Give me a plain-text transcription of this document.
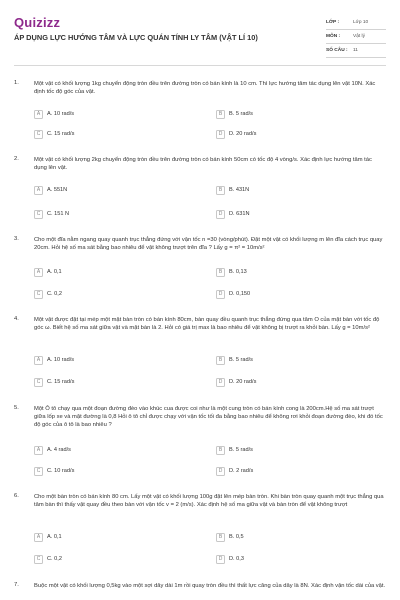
Quizizz
ÁP DỤNG LỰC HƯỚNG TÂM VÀ LỰC QUÁN TÍNH LY TÂM (VẬT LÍ 10)
LỚP :	Lớp 10
MÔN :	Vật lý
SỐ CÂU :	11
1.	Một vật có khối lượng 1kg chuyển động tròn đều trên đường tròn có bán kính là 10 cm. Thì lực hướng tâm tác dụng lên vật 10N. Xác định tốc độ góc của vật.
A	A. 10 rad/s	B	B. 5 rad/s
C	C. 15 rad/s	D	D. 20 rad/s
2.	Một vật có khối lượng 2kg chuyển động tròn đều trên đường tròn có bán kính 50cm có tốc độ 4 vòng/s. Xác định lực hướng tâm tác dụng lên vật.
A	A. 551N	B	B. 431N
C	C. 151 N	D	D. 631N
3.	Cho một đĩa nằm ngang quay quanh trục thẳng đứng với vận tốc n =30 (vòng/phút). Đặt một vật có khối lượng m lên đĩa cách trục quay 20cm. Hỏi hệ số ma sát bằng bao nhiêu để vật không trượt trên đĩa ? Lấy g = π² = 10m/s²
A	A. 0,1	B	B. 0,13
C	C. 0,2	D	D. 0,150
4.	Một vật được đặt tại mép một mặt bàn tròn có bán kính 80cm, bàn quay đều quanh trục thẳng đứng qua tâm O của mặt bàn với tốc độ góc ω. Biết hệ số ma sát giữa vật và mặt bàn là 2. Hỏi có giá trị max là bao nhiêu để vật không bị trượt ra khỏi bàn. Lấy g = 10m/s²
A	A. 10 rad/s	B	B. 5 rad/s
C	C. 15 rad/s	D	D. 20 rad/s
5.	Một Ô tô chạy qua một đoạn đường đèo vào khúc cua được coi như là một cung tròn có bán kính cong là 200cm.Hệ số ma sát trượt giữa lốp xe và mặt đường là 0,8 Hỏi ô tô chỉ được chạy với vận tốc tối đa bằng bao nhiêu để không rơi khỏi đoạn đường đèo, khi đó tốc độ góc của ô tô là bao nhiêu ?
A	A. 4 rad/s	B	B. 5 rad/s
C	C. 10 rad/s	D	D. 2 rad/s
6.	Cho một bàn tròn có bán kính 80 cm. Lấy một vật có khối lượng 100g đặt lên mép bàn tròn. Khi bàn tròn quay quanh một trục thẳng qua tâm bàn thì thấy vật quay đều theo bàn với vận tốc v = 2 (m/s). Xác định hệ số ma giữa vật và bàn tròn để vật không trượt
A	A. 0,1	B	B. 0,5
C	C. 0,2	D	D. 0,3
7.	Buộc một vật có khối lượng 0,5kg vào một sợi dây dài 1m rồi quay tròn đều thì thất lực căng của dây là 8N. Xác định vận tốc dài của vật.
